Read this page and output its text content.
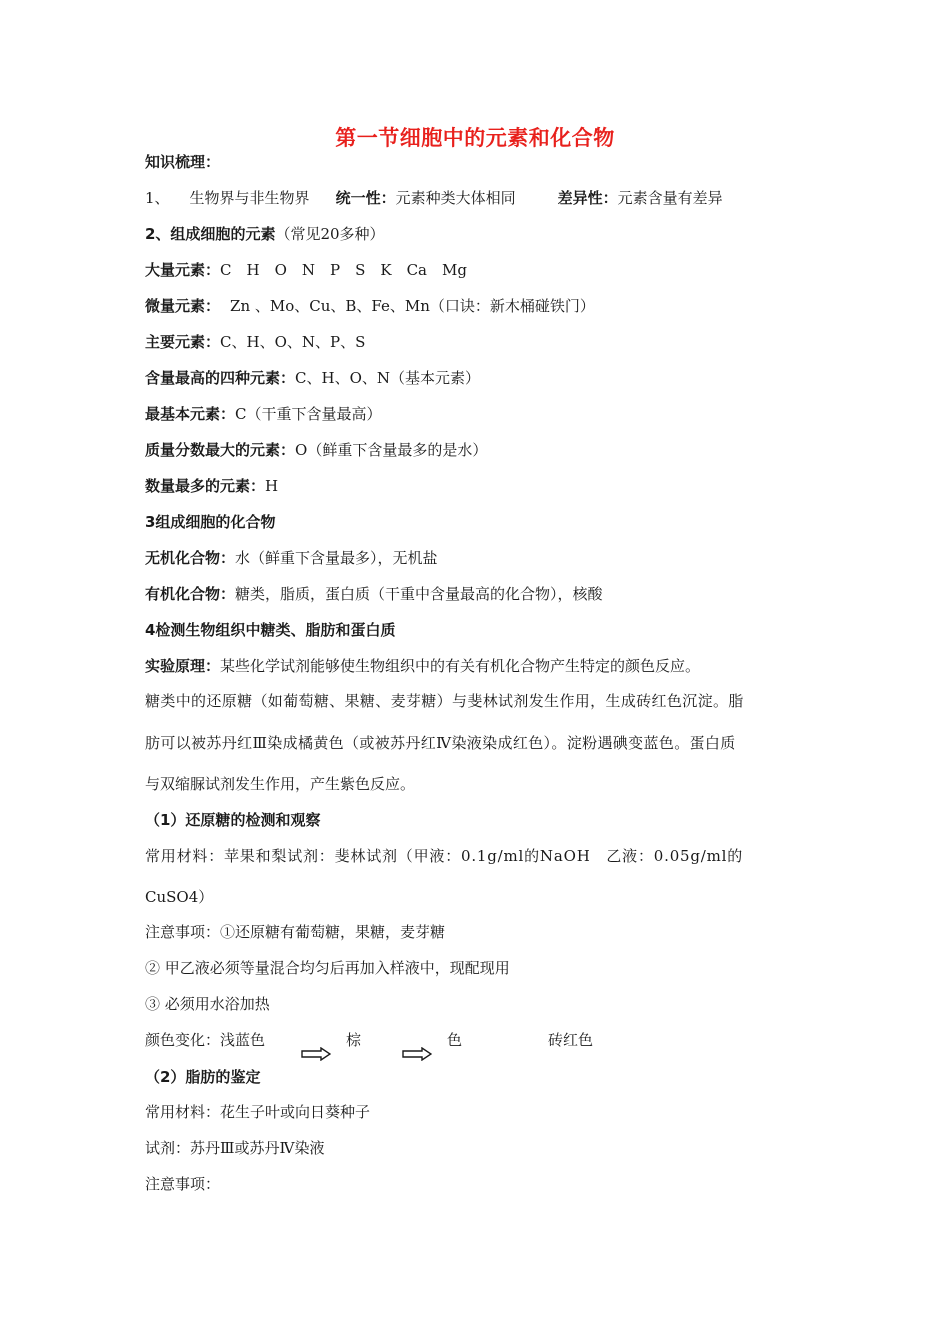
第一节细胞中的元素和化合物
知识梳理：
1、 生物界与非生物界 统一性：元素种类大体相同	差异性：元素含量有差异
2、组成细胞的元素（常见20多种）
大量元素：C　H　O　N　P　S　K　Ca　Mg
微量元素： Zn 、Mo、Cu、B、Fe、Mn（口诀：新木桶碰铁门）
主要元素：C、H、O、N、P、S
含量最高的四种元素：C、H、O、N（基本元素）
最基本元素：C（干重下含量最高）
质量分数最大的元素：O（鲜重下含量最多的是水）
数量最多的元素：H
3组成细胞的化合物
无机化合物：水（鲜重下含量最多），无机盐
有机化合物：糖类，脂质，蛋白质（干重中含量最高的化合物），核酸
4检测生物组织中糖类、脂肪和蛋白质
实验原理：某些化学试剂能够使生物组织中的有关有机化合物产生特定的颜色反应。
糖类中的还原糖（如葡萄糖、果糖、麦芽糖）与斐林试剂发生作用，生成砖红色沉淀。脂
肪可以被苏丹红Ⅲ染成橘黄色（或被苏丹红Ⅳ染液染成红色）。淀粉遇碘变蓝色。蛋白质
与双缩脲试剂发生作用，产生紫色反应。
（1）还原糖的检测和观察
常用材料：苹果和梨试剂：斐林试剂（甲液：0.1g/ml的NaOH　乙液：0.05g/ml的
CuSO4）
注意事项：①还原糖有葡萄糖，果糖，麦芽糖
② 甲乙液必须等量混合均匀后再加入样液中，现配现用
③ 必须用水浴加热
颜色变化：浅蓝色	棕	色	砖红色
（2）脂肪的鉴定
常用材料：花生子叶或向日葵种子
试剂：苏丹Ⅲ或苏丹Ⅳ染液
注意事项：
